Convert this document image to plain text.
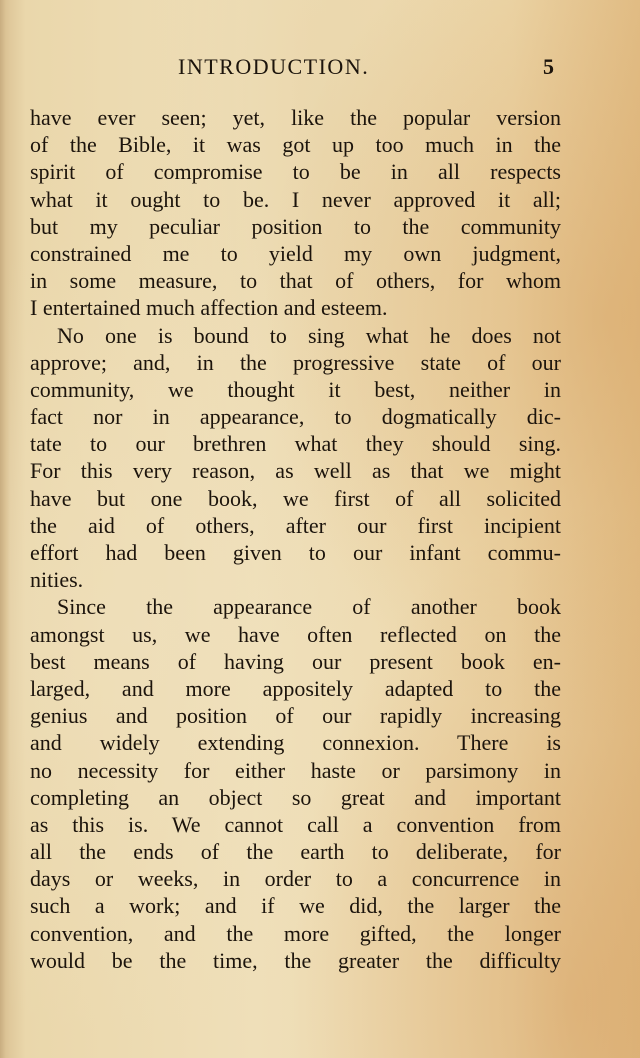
INTRODUCTION.	5
have ever seen; yet, like the popular version
of the Bible, it was got up too much in the
spirit of compromise to be in all respects
what it ought to be. I never approved it all;
but my peculiar position to the community
constrained me to yield my own judgment,
in some measure, to that of others, for whom
I entertained much affection and esteem.
No one is bound to sing what he does not
approve; and, in the progressive state of our
community, we thought it best, neither in
fact nor in appearance, to dogmatically dic-
tate to our brethren what they should sing.
For this very reason, as well as that we might
have but one book, we first of all solicited
the aid of others, after our first incipient
effort had been given to our infant commu-
nities.
Since the appearance of another book
amongst us, we have often reflected on the
best means of having our present book en-
larged, and more appositely adapted to the
genius and position of our rapidly increasing
and widely extending connexion. There is
no necessity for either haste or parsimony in
completing an object so great and important
as this is. We cannot call a convention from
all the ends of the earth to deliberate, for
days or weeks, in order to a concurrence in
such a work; and if we did, the larger the
convention, and the more gifted, the longer
would be the time, the greater the difficulty
